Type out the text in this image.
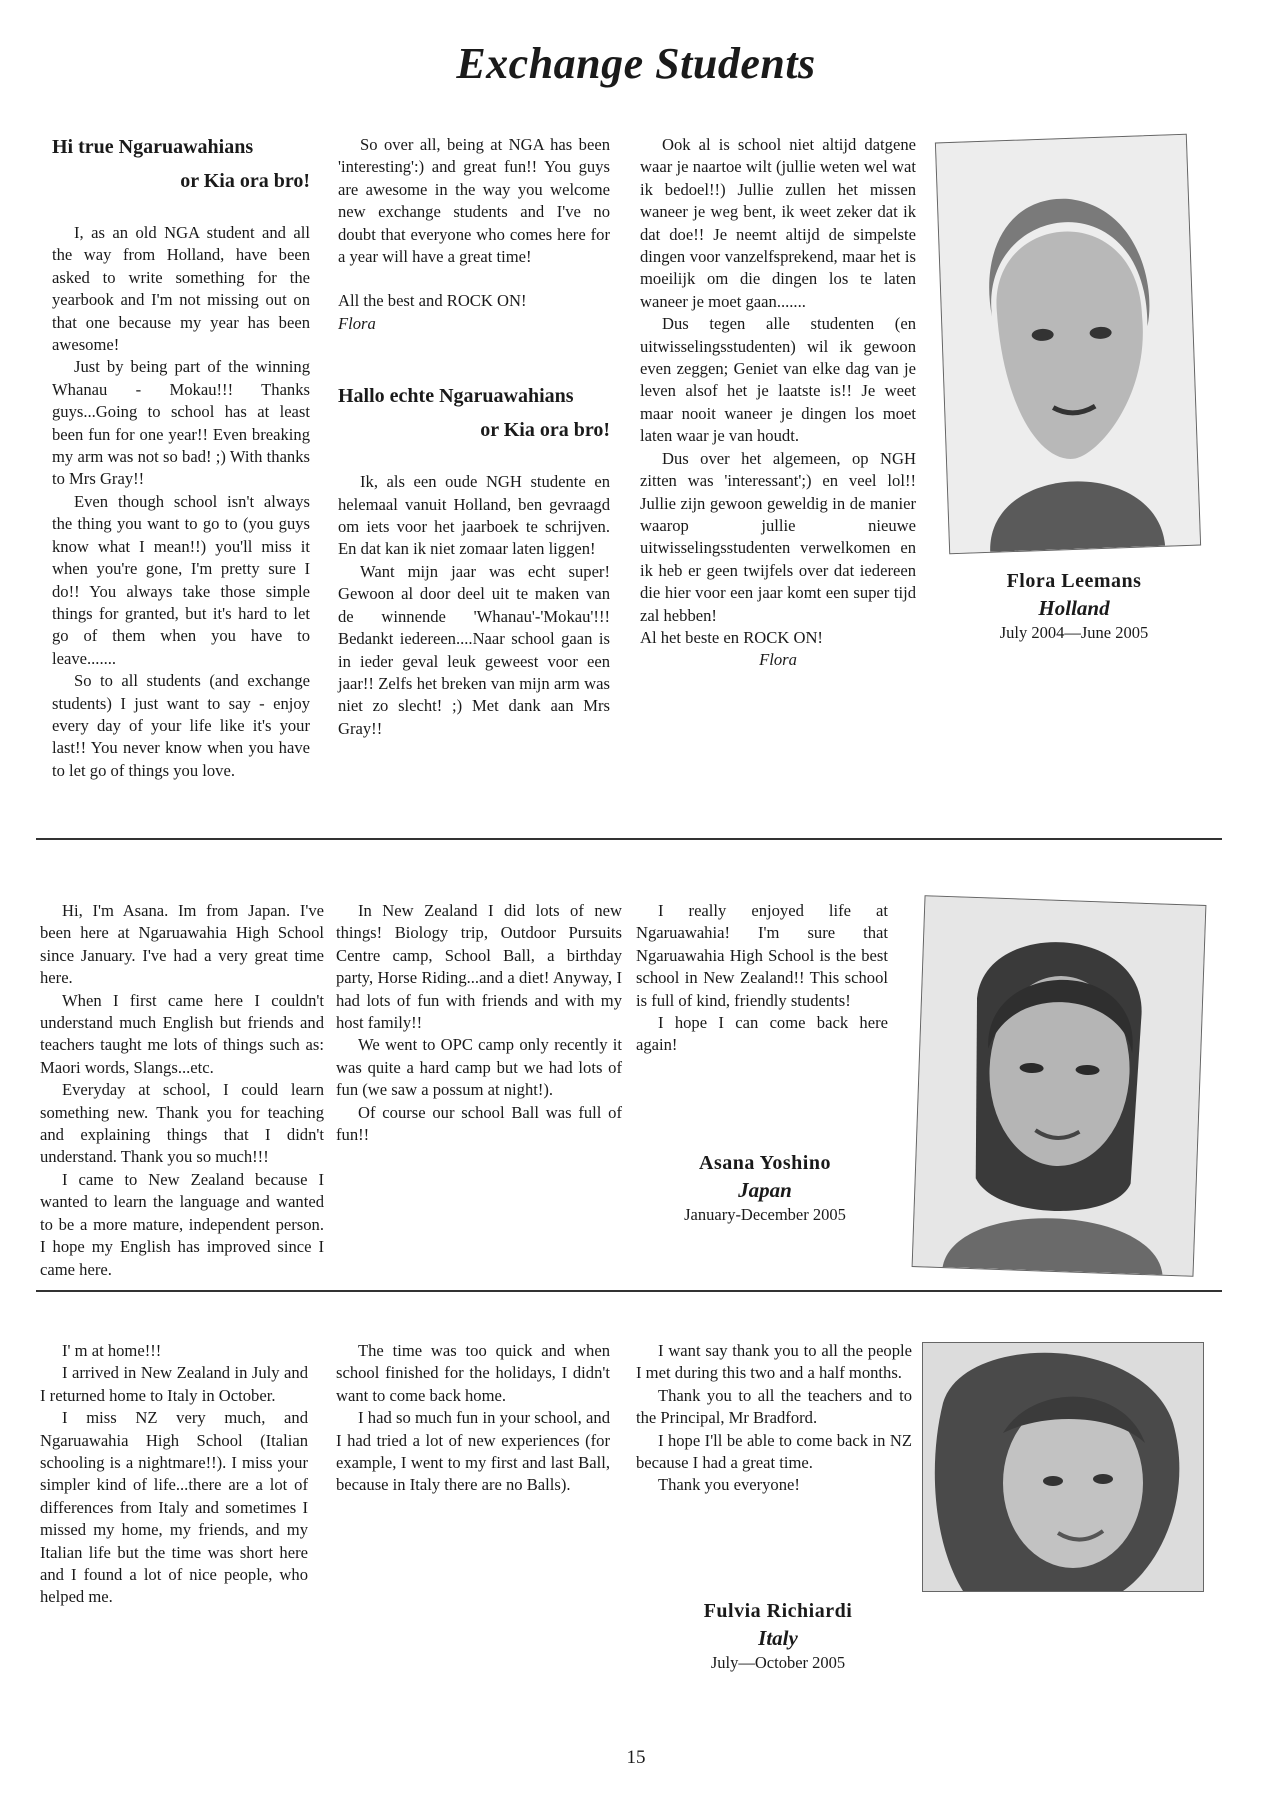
Exchange Students
Hi true Ngaruawahians
or Kia ora bro!

I, as an old NGA student and all the way from Holland, have been asked to write something for the yearbook and I'm not missing out on that one because my year has been awesome!

Just by being part of the winning Whanau - Mokau!!! Thanks guys...Going to school has at least been fun for one year!! Even breaking my arm was not so bad! ;) With thanks to Mrs Gray!!

Even though school isn't always the thing you want to go to (you guys know what I mean!!) you'll miss it when you're gone, I'm pretty sure I do!! You always take those simple things for granted, but it's hard to let go of them when you have to leave.......

So to all students (and exchange students) I just want to say - enjoy every day of your life like it's your last!! You never know when you have to let go of things you love.

So over all, being at NGA has been 'interesting':) and great fun!! You guys are awesome in the way you welcome new exchange students and I've no doubt that everyone who comes here for a year will have a great time!

All the best and ROCK ON!

Flora

Hallo echte Ngaruawahians
or Kia ora bro!

Ik, als een oude NGH studente en helemaal vanuit Holland, ben gevraagd om iets voor het jaarboek te schrijven. En dat kan ik niet zomaar laten liggen!

Want mijn jaar was echt super! Gewoon al door deel uit te maken van de winnende 'Whanau'-'Mokau'!!! Bedankt iedereen....Naar school gaan is in ieder geval leuk geweest voor een jaar!! Zelfs het breken van mijn arm was niet zo slecht! ;) Met dank aan Mrs Gray!!

Ook al is school niet altijd datgene waar je naartoe wilt (jullie weten wel wat ik bedoel!!) Jullie zullen het missen waneer je weg bent, ik weet zeker dat ik dat doe!! Je neemt altijd de simpelste dingen voor vanzelfsprekend, maar het is moeilijk om die dingen los te laten waneer je moet gaan.......

Dus tegen alle studenten (en uitwisselingsstudenten) wil ik gewoon even zeggen; Geniet van elke dag van je leven alsof het je laatste is!! Je weet maar nooit waneer je dingen los moet laten waar je van houdt.

Dus over het algemeen, op NGH zitten was 'interessant';) en veel lol!! Jullie zijn gewoon geweldig in de manier waarop jullie nieuwe uitwisselingsstudenten verwelkomen en ik heb er geen twijfels over dat iedereen die hier voor een jaar komt een super tijd zal hebben!

Al het beste en ROCK ON!

Flora

Flora Leemans
Holland
July 2004—June 2005

Hi, I'm Asana. Im from Japan. I've been here at Ngaruawahia High School since January. I've had a very great time here.

When I first came here I couldn't understand much English but friends and teachers taught me lots of things such as: Maori words, Slangs...etc.

Everyday at school, I could learn something new. Thank you for teaching and explaining things that I didn't understand. Thank you so much!!!

I came to New Zealand because I wanted to learn the language and wanted to be a more mature, independent person. I hope my English has improved since I came here.

In New Zealand I did lots of new things! Biology trip, Outdoor Pursuits Centre camp, School Ball, a birthday party, Horse Riding...and a diet! Anyway, I had lots of fun with friends and with my host family!!

We went to OPC camp only recently it was quite a hard camp but we had lots of fun (we saw a possum at night!).

Of course our school Ball was full of fun!!

I really enjoyed life at Ngaruawahia! I'm sure that Ngaruawahia High School is the best school in New Zealand!! This school is full of kind, friendly students!

I hope I can come back here again!

Asana Yoshino
Japan
January-December 2005

I' m at home!!!

I arrived in New Zealand in July and I returned home to Italy in October.

I miss NZ very much, and Ngaruawahia High School (Italian schooling is a nightmare!!). I miss your simpler kind of life...there are a lot of differences from Italy and sometimes I missed my home, my friends, and my Italian life but the time was short here and I found a lot of nice people, who helped me.

The time was too quick and when school finished for the holidays, I didn't want to come back home.

I had so much fun in your school, and I had tried a lot of new experiences (for example, I went to my first and last Ball, because in Italy there are no Balls).

I want say thank you to all the people I met during this two and a half months.

Thank you to all the teachers and to the Principal, Mr Bradford.

I hope I'll be able to come back in NZ because I had a great time.

Thank you everyone!

Fulvia Richiardi
Italy
July—October 2005
15
